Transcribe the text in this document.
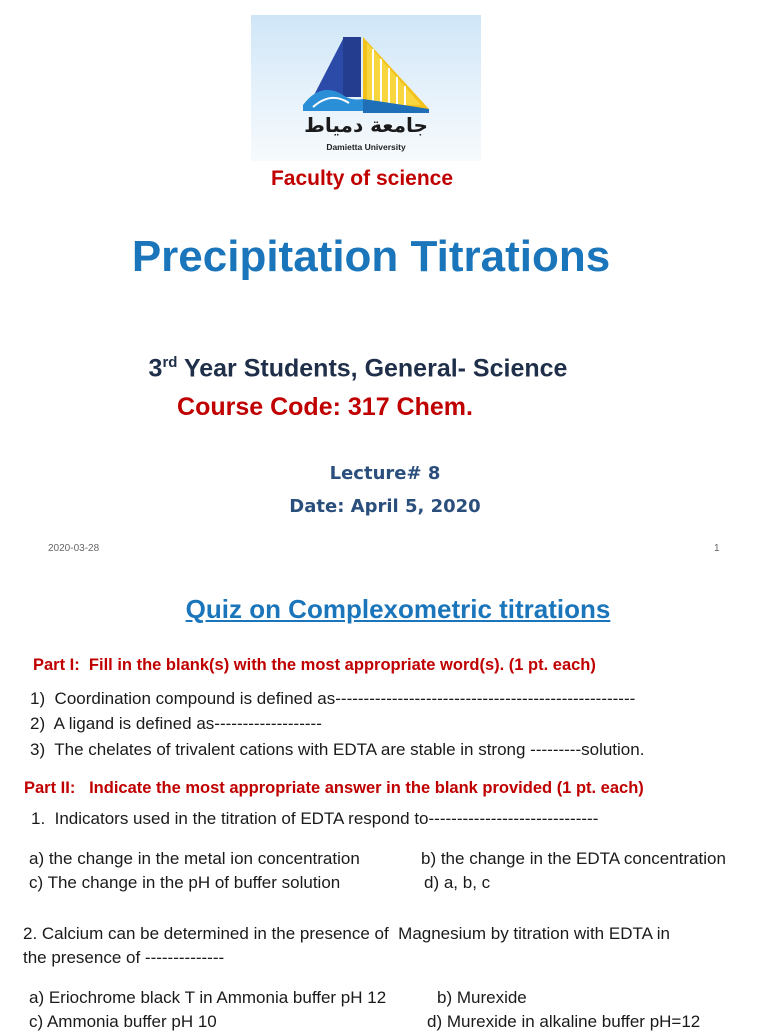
جامعة دمياط
Damietta University
Faculty of science
Precipitation Titrations
3rd Year Students, General- Science
Course Code: 317 Chem.
Lecture# 8
Date: April 5, 2020
2020-03-28	1
Quiz on Complexometric titrations
Part I:  Fill in the blank(s) with the most appropriate word(s). (1 pt. each)
1)  Coordination compound is defined as-----------------------------------------------------
2)  A ligand is defined as-------------------
3)  The chelates of trivalent cations with EDTA are stable in strong ---------solution.
Part II:   Indicate the most appropriate answer in the blank provided (1 pt. each)
1.  Indicators used in the titration of EDTA respond to------------------------------
a) the change in the metal ion concentration	b) the change in the EDTA concentration
c) The change in the pH of buffer solution	d) a, b, c
2. Calcium can be determined in the presence of  Magnesium by titration with EDTA in
the presence of --------------
a) Eriochrome black T in Ammonia buffer pH 12	b) Murexide
c) Ammonia buffer pH 10	d) Murexide in alkaline buffer pH=12
